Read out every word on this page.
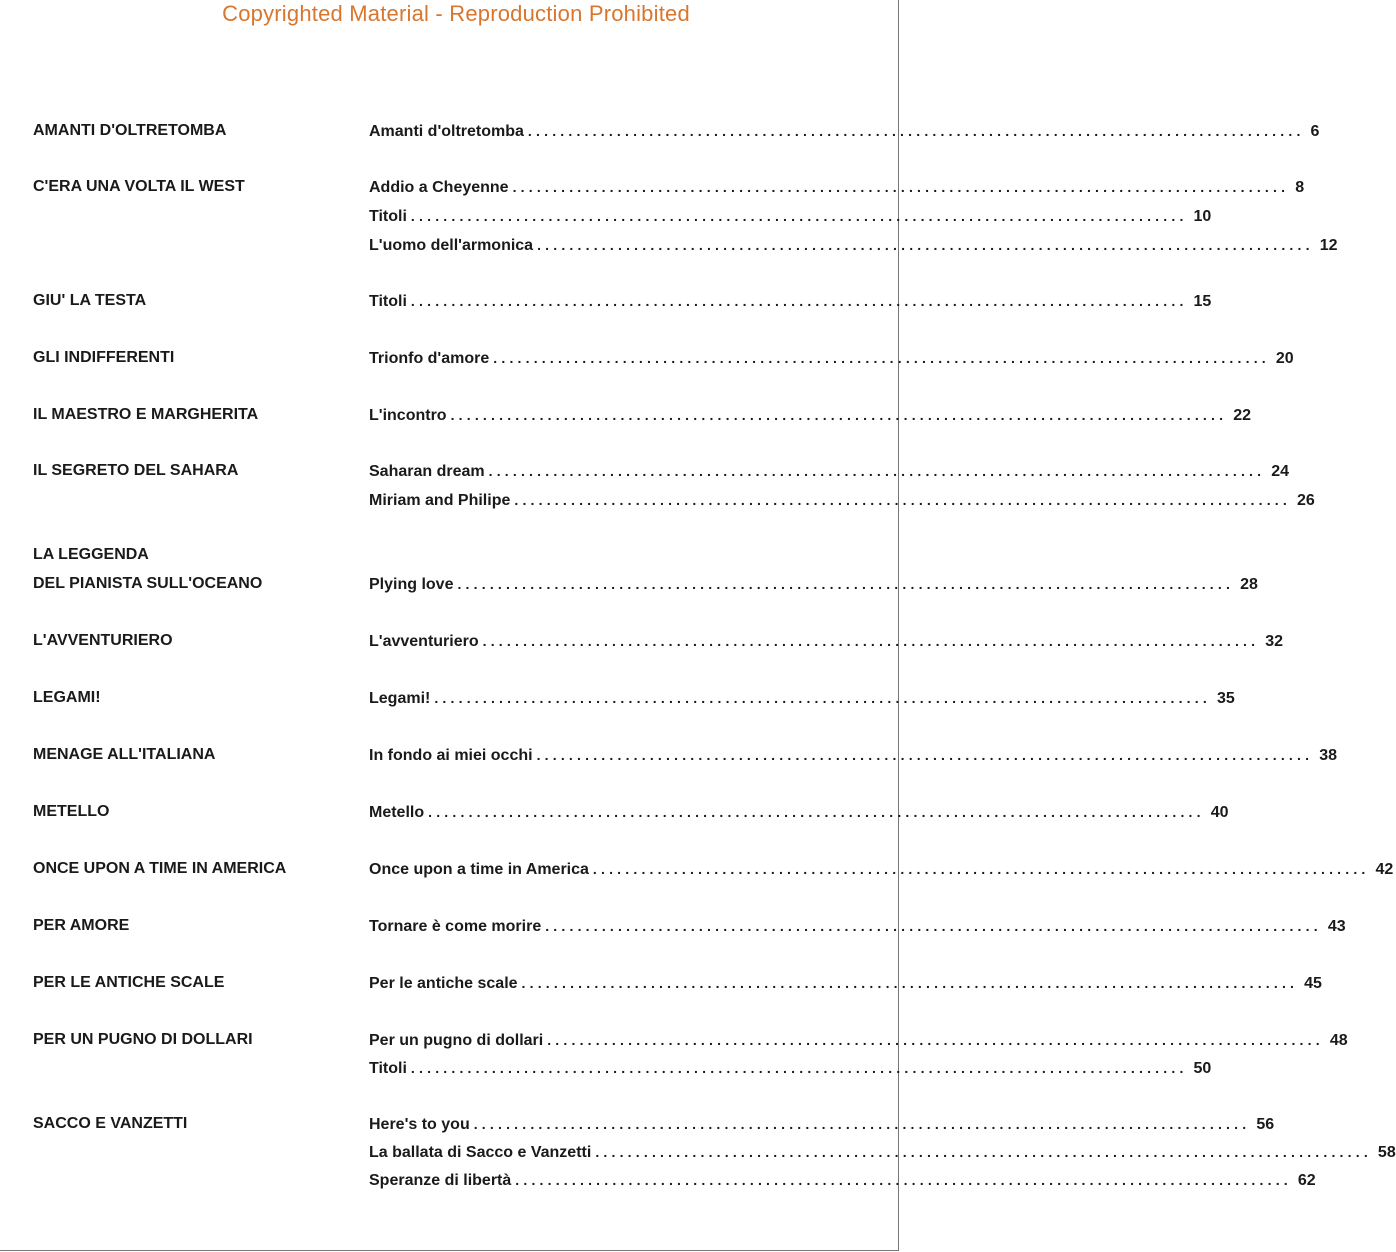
Copyrighted Material - Reproduction Prohibited
AMANTI D'OLTRETOMBA	Amanti d'oltretomba ................................................................................................ 6
C'ERA UNA VOLTA IL WEST	Addio a Cheyenne ................................................................................................ 8
Titoli ................................................................................................ 10
L'uomo dell'armonica ................................................................................................ 12
GIU' LA TESTA	Titoli ................................................................................................ 15
GLI INDIFFERENTI	Trionfo d'amore ................................................................................................ 20
IL MAESTRO E MARGHERITA	L'incontro ................................................................................................ 22
IL SEGRETO DEL SAHARA	Saharan dream ................................................................................................ 24
Miriam and Philipe ................................................................................................ 26
LA LEGGENDA
DEL PIANISTA SULL'OCEANO	Plying love ................................................................................................ 28
L'AVVENTURIERO	L'avventuriero ................................................................................................ 32
LEGAMI!	Legami! ................................................................................................ 35
MENAGE ALL'ITALIANA	In fondo ai miei occhi ................................................................................................ 38
METELLO	Metello ................................................................................................ 40
ONCE UPON A TIME IN AMERICA	Once upon a time in America ................................................................................................ 42
PER AMORE	Tornare è come morire ................................................................................................ 43
PER LE ANTICHE SCALE	Per le antiche scale ................................................................................................ 45
PER UN PUGNO DI DOLLARI	Per un pugno di dollari ................................................................................................ 48
Titoli ................................................................................................ 50
SACCO E VANZETTI	Here's to you ................................................................................................ 56
La ballata di Sacco e Vanzetti ................................................................................................ 58
Speranze di libertà ................................................................................................ 62
